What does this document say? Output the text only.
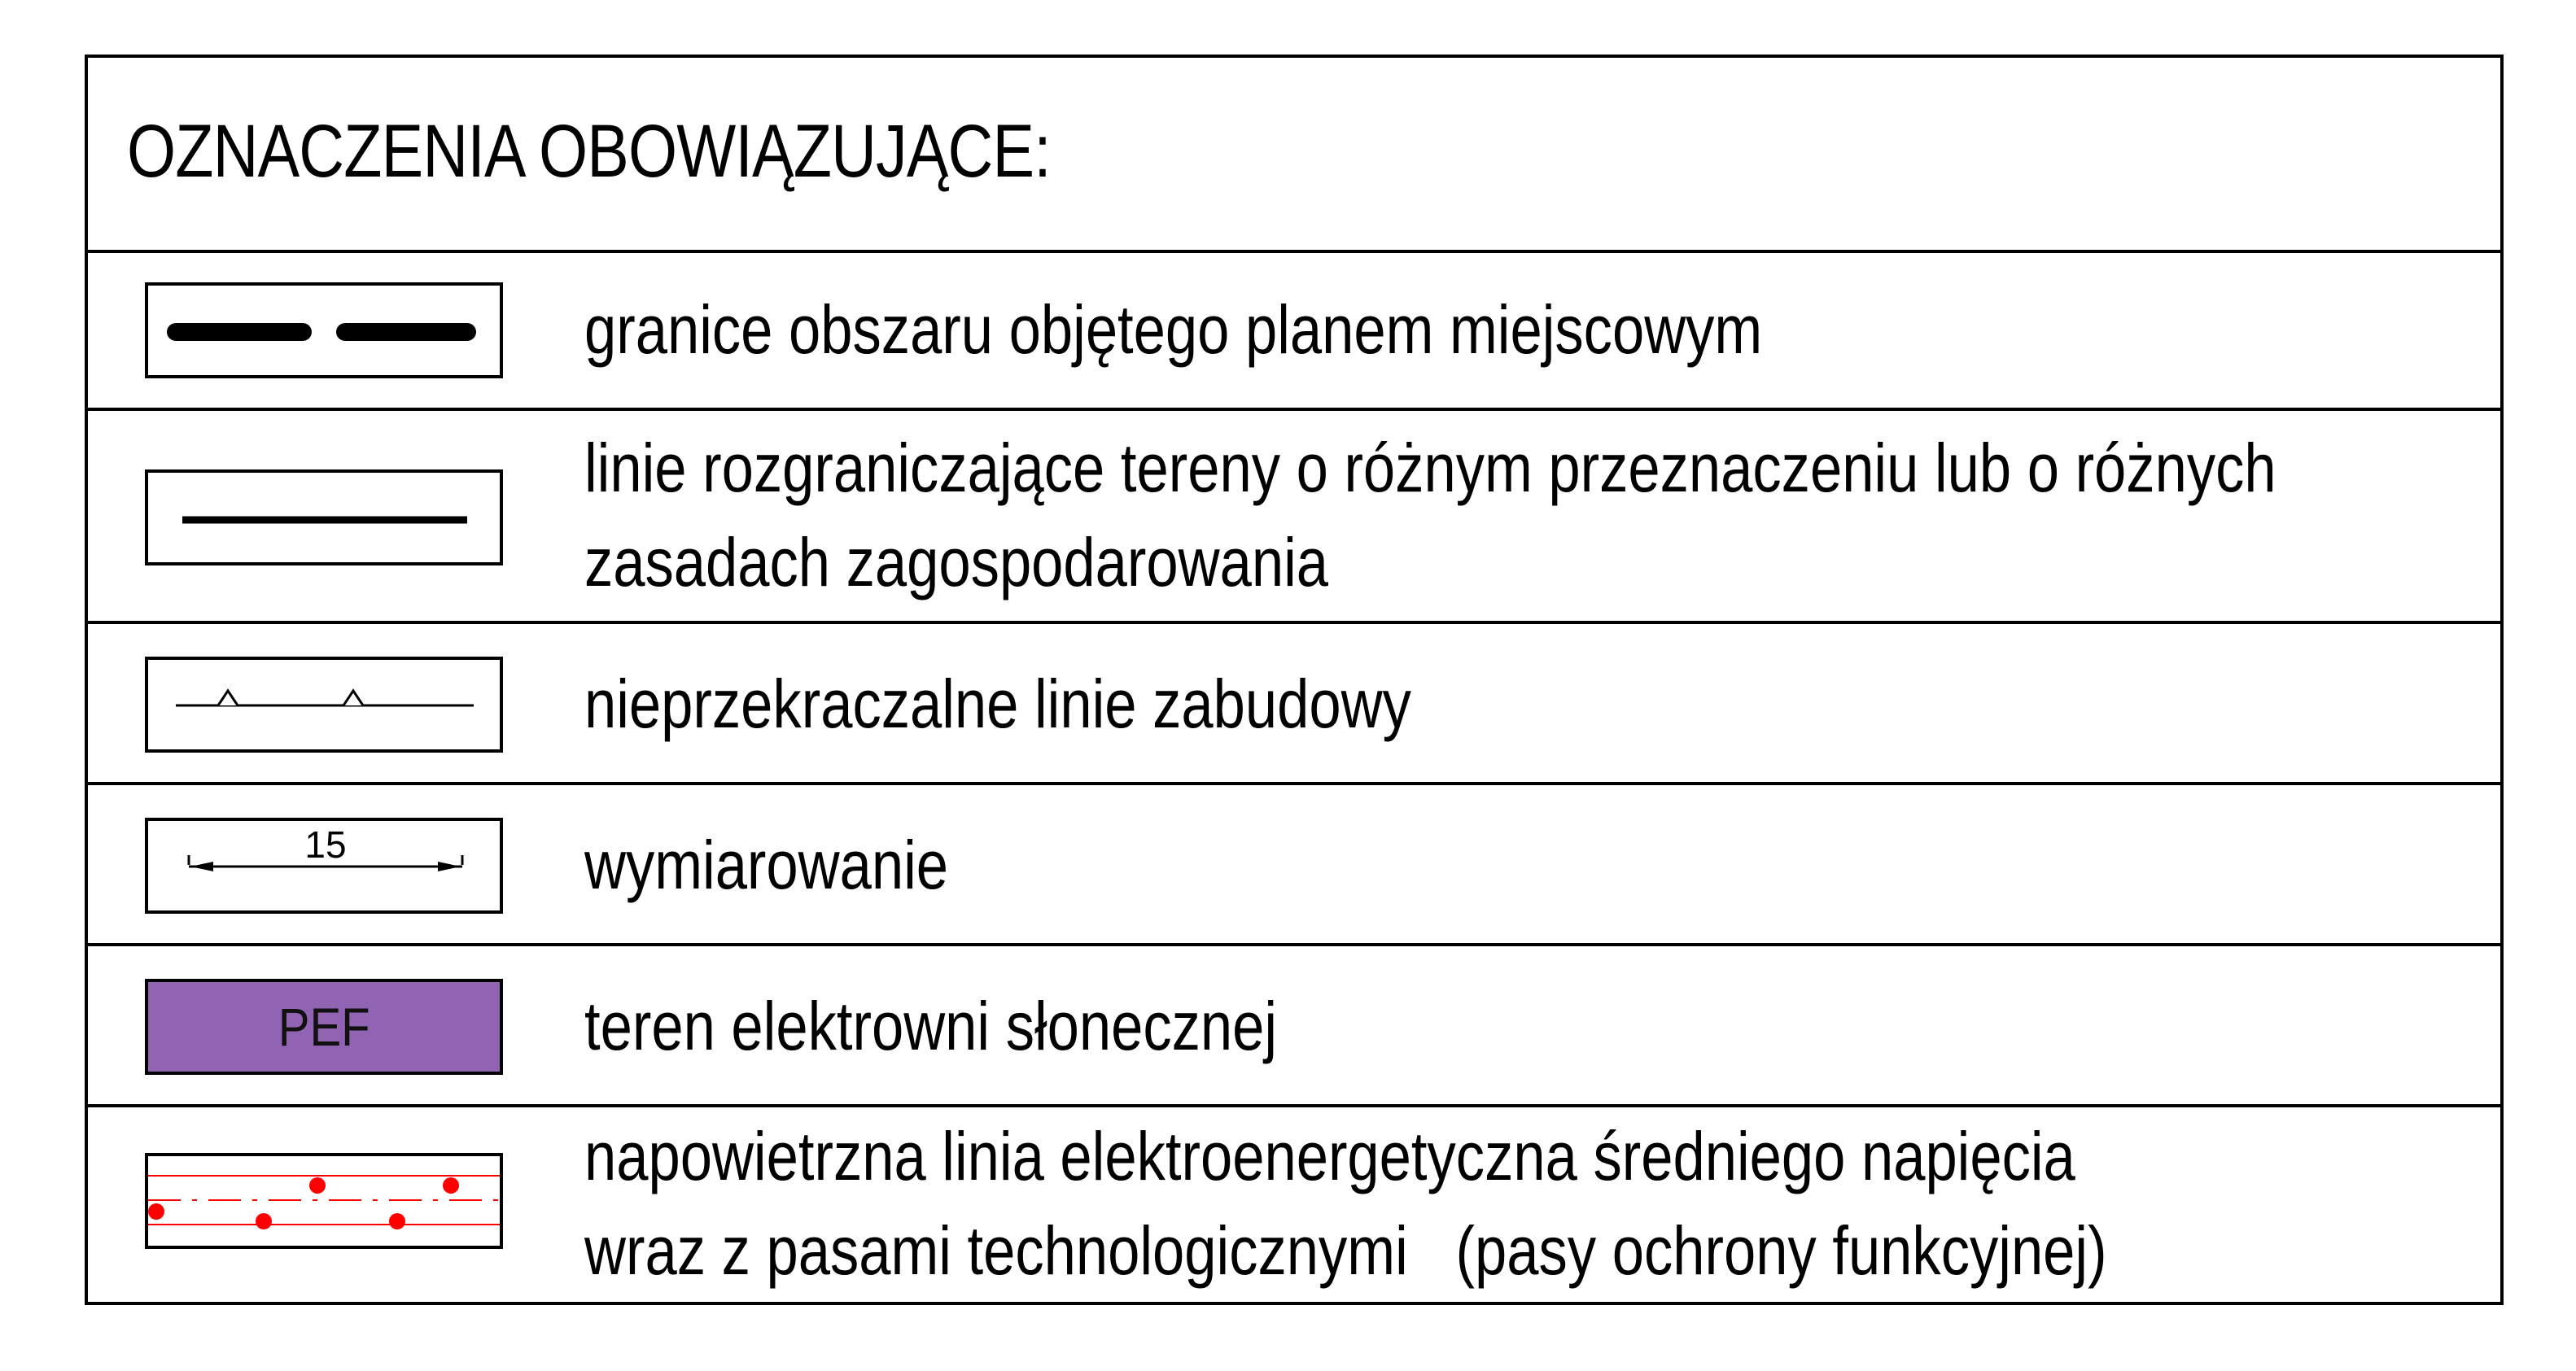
OZNACZENIA OBOWIĄZUJĄCE:
granice obszaru objętego planem miejscowym
linie rozgraniczające tereny o różnym przeznaczeniu lub o różnych
zasadach zagospodarowania
nieprzekraczalne linie zabudowy
15	wymiarowanie
PEF	teren elektrowni słonecznej
napowietrzna linia elektroenergetyczna średniego napięcia
wraz z pasami technologicznymi   (pasy ochrony funkcyjnej)
